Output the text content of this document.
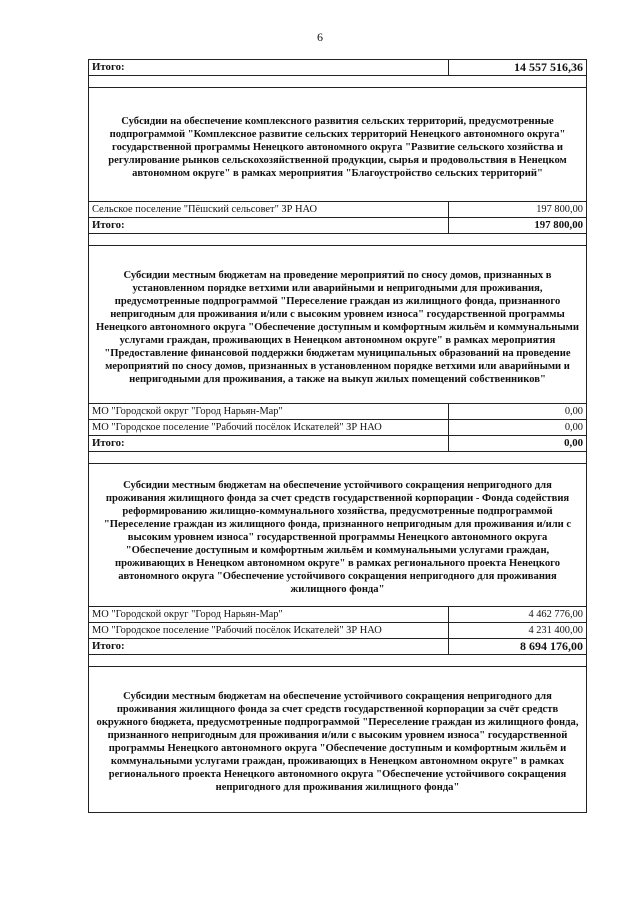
6
Итого:	14 557 516,36

Субсидии на обеспечение комплексного развития сельских территорий, предусмотренные подпрограммой "Комплексное развитие сельских территорий Ненецкого автономного округа" государственной программы Ненецкого автономного округа "Развитие сельского хозяйства и регулирование рынков сельскохозяйственной продукции, сырья и продовольствия в Ненецком автономном округе" в рамках мероприятия "Благоустройство сельских территорий"	
Сельское поселение "Пёшский сельсовет" ЗР НАО	197 800,00
Итого:	197 800,00

Субсидии местным бюджетам на проведение мероприятий по сносу домов, признанных в установленном порядке ветхими или аварийными и непригодными для проживания, предусмотренные подпрограммой "Переселение граждан из жилищного фонда, признанного непригодным для проживания и/или с высоким уровнем износа" государственной программы Ненецкого автономного округа "Обеспечение доступным и комфортным жильём и коммунальными услугами граждан, проживающих в Ненецком автономном округе" в рамках мероприятия "Предоставление финансовой поддержки бюджетам муниципальных образований на проведение мероприятий по сносу домов, признанных в установленном порядке ветхими или аварийными и непригодными для проживания, а также на выкуп жилых помещений собственников"	
МО "Городской округ "Город Нарьян-Мар"	0,00
МО "Городское поселение "Рабочий посёлок Искателей" ЗР НАО	0,00
Итого:	0,00

Субсидии местным бюджетам на обеспечение устойчивого сокращения непригодного для проживания жилищного фонда за счет средств государственной корпорации - Фонда содействия реформированию жилищно-коммунального хозяйства, предусмотренные подпрограммой "Переселение граждан из жилищного фонда, признанного непригодным для проживания и/или с высоким уровнем износа" государственной программы Ненецкого автономного округа "Обеспечение доступным и комфортным жильём и коммунальными услугами граждан, проживающих в Ненецком автономном округе" в рамках регионального проекта Ненецкого автономного округа "Обеспечение устойчивого сокращения непригодного для проживания жилищного фонда"	
МО "Городской округ "Город Нарьян-Мар"	4 462 776,00
МО "Городское поселение "Рабочий посёлок Искателей" ЗР НАО	4 231 400,00
Итого:	8 694 176,00

Субсидии местным бюджетам на обеспечение устойчивого сокращения непригодного для проживания жилищного фонда за счет средств государственной корпорации за счёт средств окружного бюджета, предусмотренные подпрограммой "Переселение граждан из жилищного фонда, признанного непригодным для проживания и/или с высоким уровнем износа" государственной программы Ненецкого автономного округа "Обеспечение доступным и комфортным жильём и коммунальными услугами граждан, проживающих в Ненецком автономном округе" в рамках регионального проекта Ненецкого автономного округа "Обеспечение устойчивого сокращения непригодного для проживания жилищного фонда"	
